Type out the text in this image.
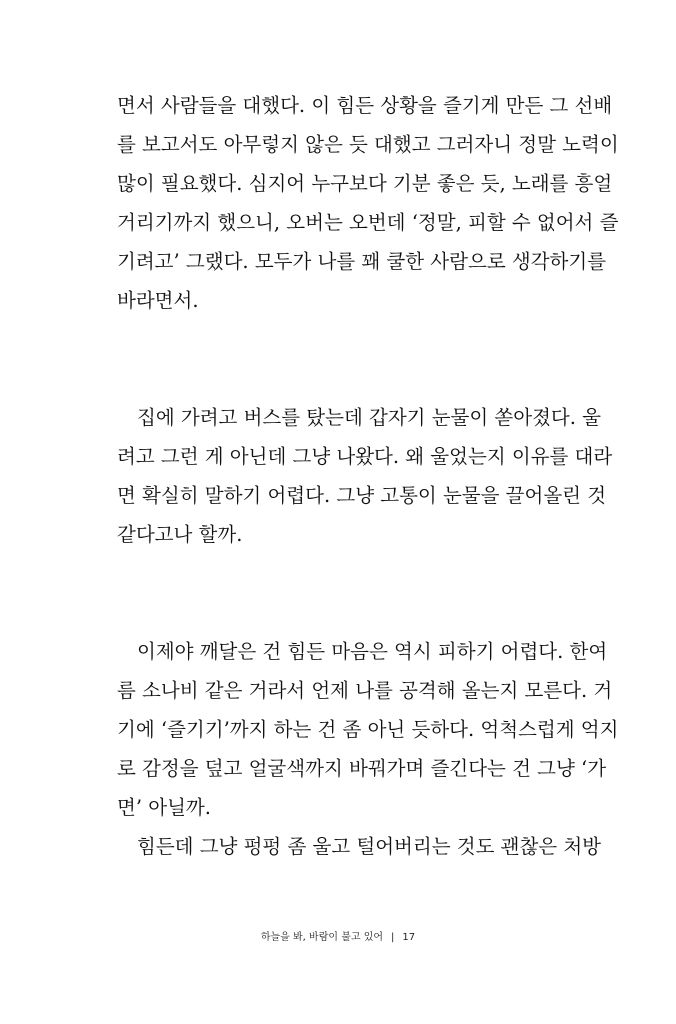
면서 사람들을 대했다. 이 힘든 상황을 즐기게 만든 그 선배
를 보고서도 아무렇지 않은 듯 대했고 그러자니 정말 노력이
많이 필요했다. 심지어 누구보다 기분 좋은 듯, 노래를 흥얼
거리기까지 했으니, 오버는 오번데 ‘정말, 피할 수 없어서 즐
기려고’ 그랬다. 모두가 나를 꽤 쿨한 사람으로 생각하기를
바라면서.
집에 가려고 버스를 탔는데 갑자기 눈물이 쏟아졌다. 울
려고 그런 게 아닌데 그냥 나왔다. 왜 울었는지 이유를 대라
면 확실히 말하기 어렵다. 그냥 고통이 눈물을 끌어올린 것
같다고나 할까.
이제야 깨달은 건 힘든 마음은 역시 피하기 어렵다. 한여
름 소나비 같은 거라서 언제 나를 공격해 올는지 모른다. 거
기에 ‘즐기기’까지 하는 건 좀 아닌 듯하다. 억척스럽게 억지
로 감정을 덮고 얼굴색까지 바꿔가며 즐긴다는 건 그냥 ‘가
면’ 아닐까.
힘든데 그냥 펑펑 좀 울고 털어버리는 것도 괜찮은 처방
하늘을 봐, 바람이 불고 있어 | 17
